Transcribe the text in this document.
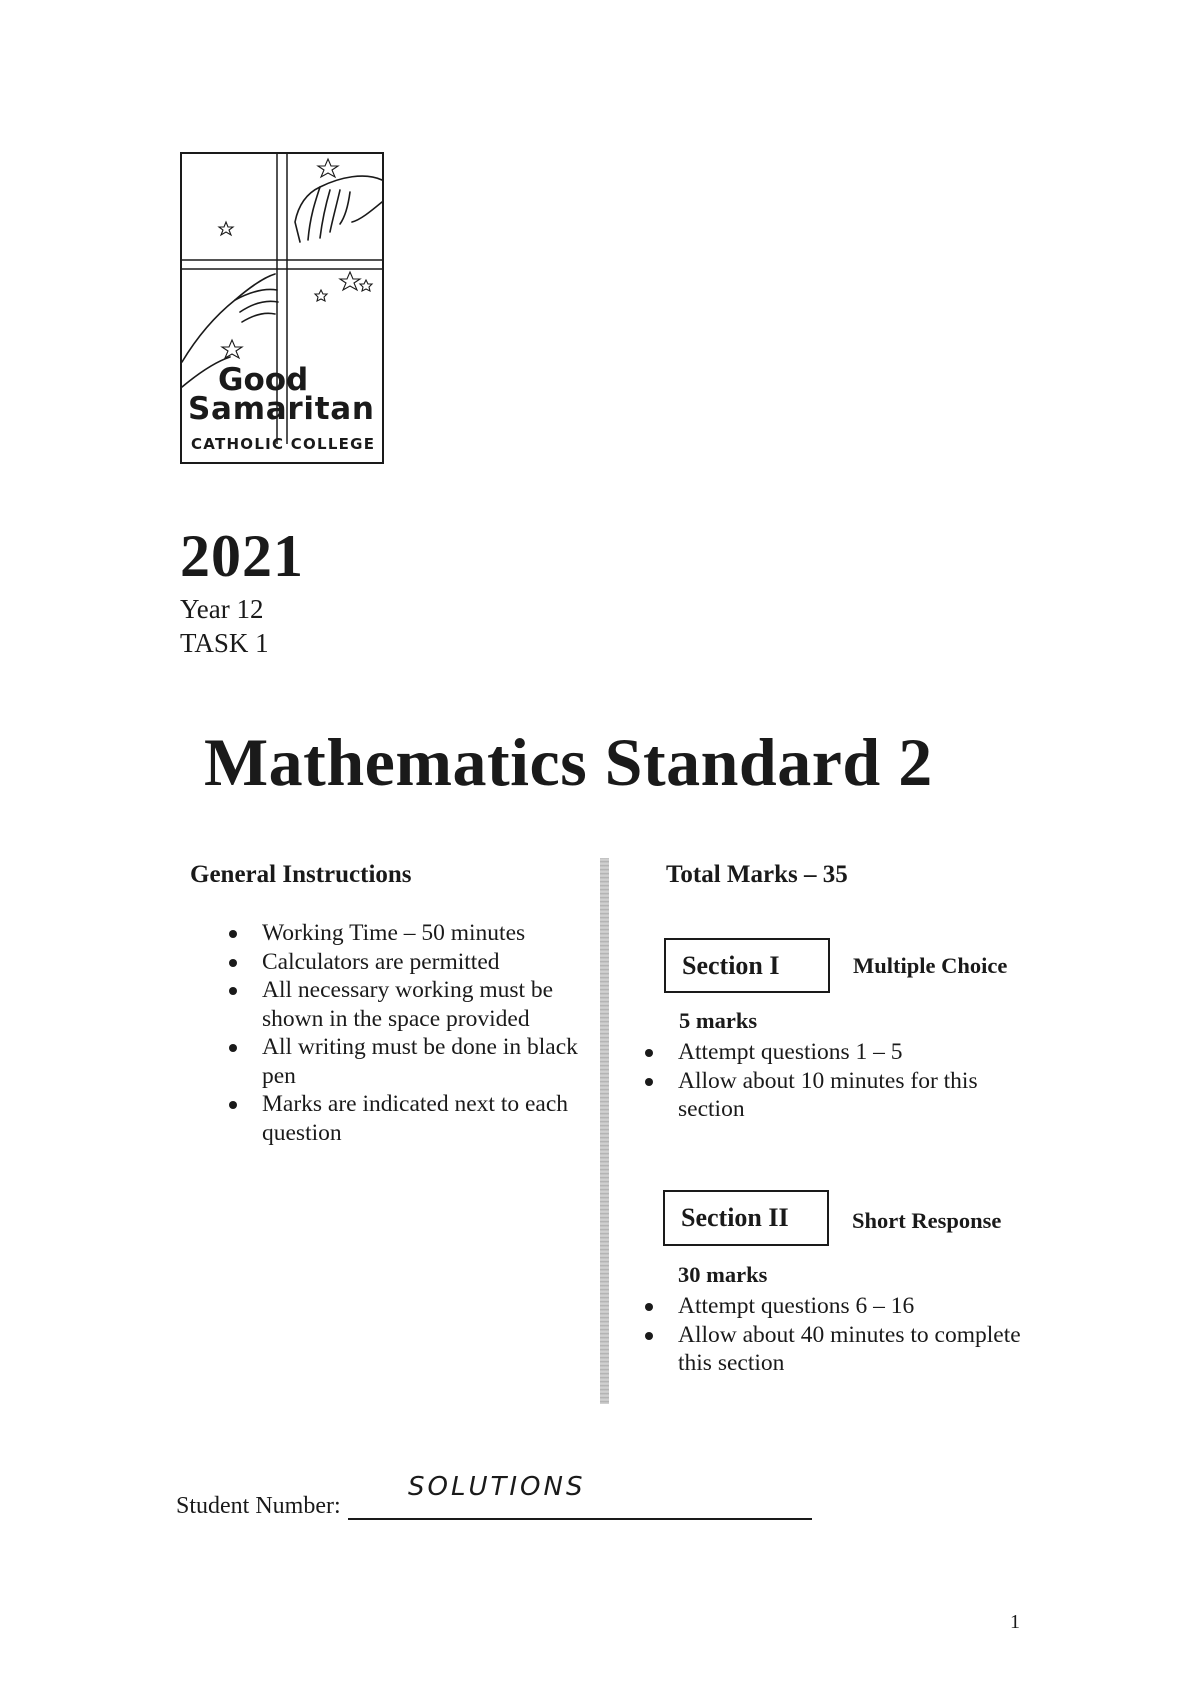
Good
Samaritan
CATHOLIC COLLEGE
2021
Year 12
TASK 1
Mathematics Standard 2
General Instructions
Working Time – 50 minutes
Calculators are permitted
All necessary working must be shown in the space provided
All writing must be done in black pen
Marks are indicated next to each question
Total Marks – 35
Section I	Multiple Choice
5 marks
Attempt questions 1 – 5
Allow about 10 minutes for this section
Section II	Short Response
30 marks
Attempt questions 6 – 16
Allow about 40 minutes to complete this section
Student Number:
SOLUTIONS
1
